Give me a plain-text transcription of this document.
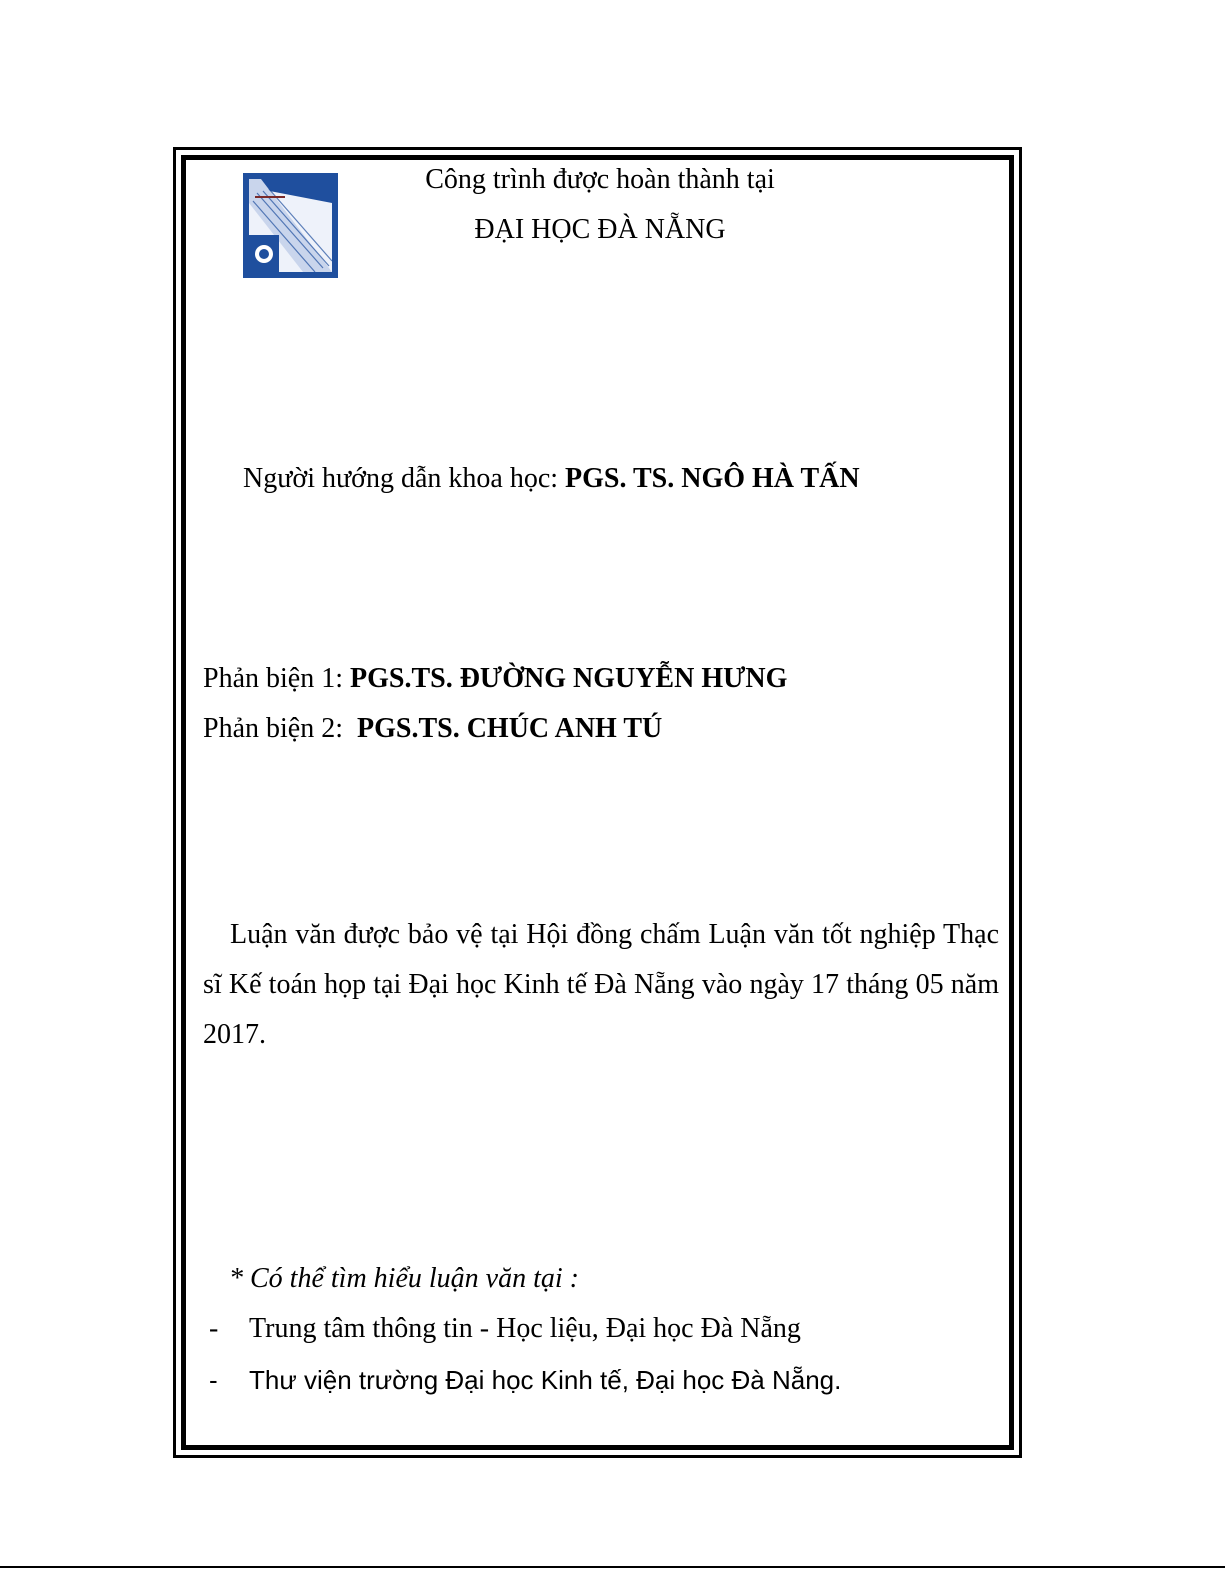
Công trình được hoàn thành tại
ĐẠI HỌC ĐÀ NẴNG
Người hướng dẫn khoa học: PGS. TS. NGÔ HÀ TẤN
Phản biện 1: PGS.TS. ĐƯỜNG NGUYỄN HƯNG
Phản biện 2:  PGS.TS. CHÚC ANH TÚ
Luận văn được bảo vệ tại Hội đồng chấm Luận văn tốt nghiệp Thạc sĩ Kế toán họp tại Đại học Kinh tế Đà Nẵng vào ngày 17 tháng 05 năm 2017.
* Có thể tìm hiểu luận văn tại :
- Trung tâm thông tin - Học liệu, Đại học Đà Nẵng
- Thư viện trường Đại học Kinh tế, Đại học Đà Nẵng.
